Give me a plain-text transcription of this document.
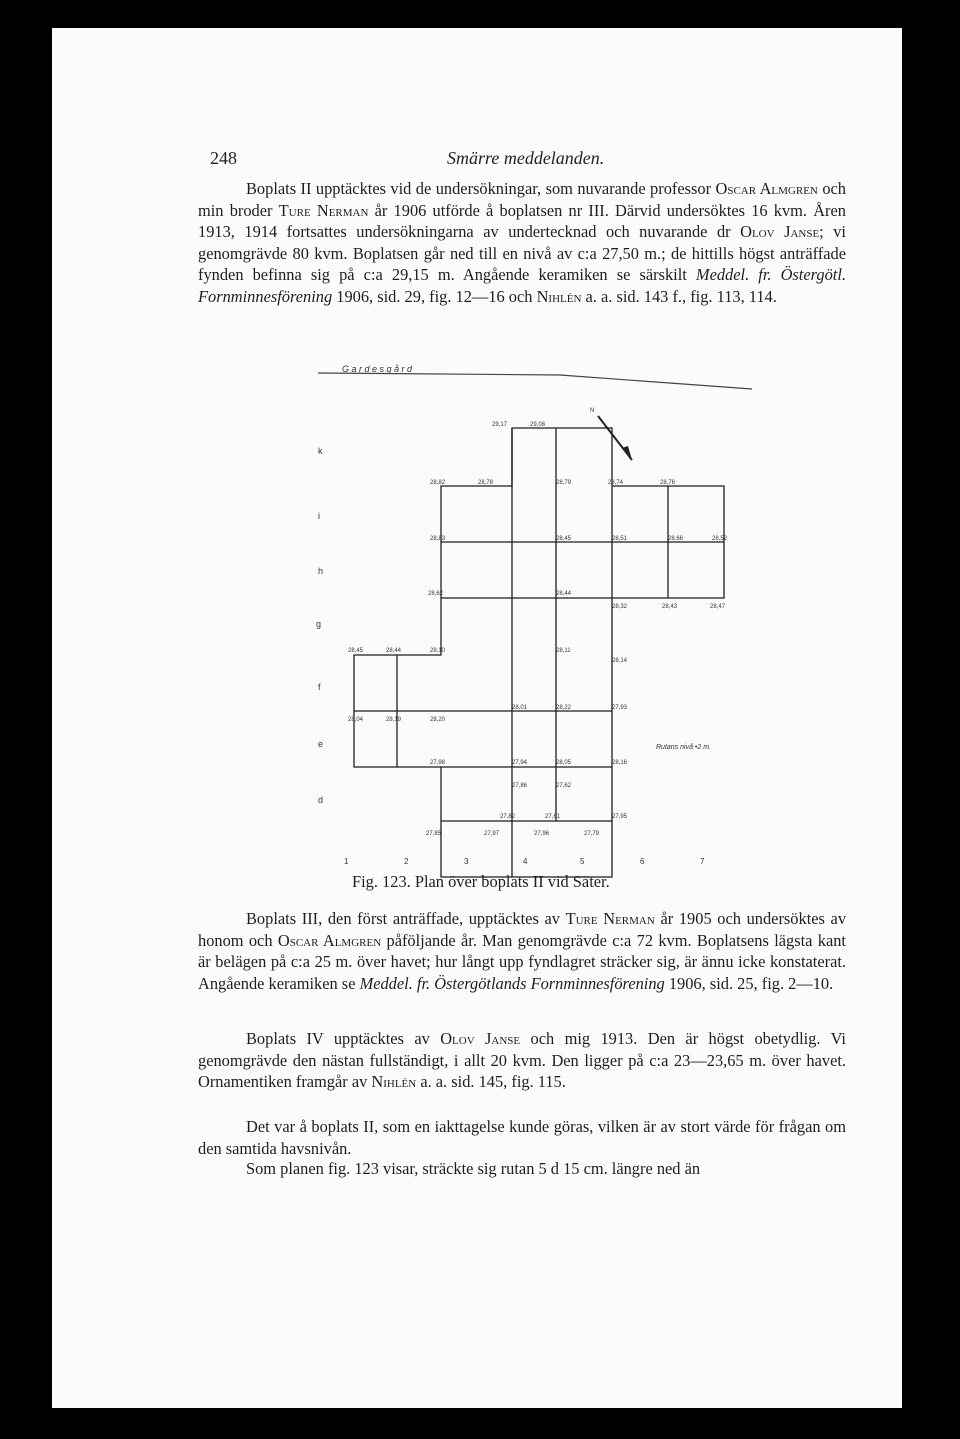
248	Smärre meddelanden.

Boplats II upptäcktes vid de undersökningar, som nuvarande professor Oscar Almgren och min broder Ture Nerman år 1906 utförde å boplatsen nr III. Därvid undersöktes 16 kvm. Åren 1913, 1914 fortsattes undersökningarna av undertecknad och nuvarande dr Olov Janse; vi genomgrävde 80 kvm. Boplatsen går ned till en nivå av c:a 27,50 m.; de hittills högst anträffade fynden befinna sig på c:a 29,15 m. Angående keramiken se särskilt Meddel. fr. Östergötl. Fornminnesförening 1906, sid. 29, fig. 12—16 och Nihlén a. a. sid. 143 f., fig. 113, 114.

G a r d e s g å r d
N
k
i
h
g
f
e
d
1	2	3	4	5	6	7
29,17	29,08
28,82	28,78	28,79	28,74	28,76
28,83	28,45	28,51	28,66	28,52
28,62	28,44
28,32	28,43	28,47
28,45	28,44	28,10	28,11
28,14
28,04	28,19	28,20
28,01	28,22	27,93
27,98	27,94	28,05	28,16
27,85	27,97	27,96	27,79
27,82	27,61	27,95
27,86	27,62
Rutans nivå •2 m.
Fig. 123. Plan över boplats II vid Säter.

Boplats III, den först anträffade, upptäcktes av Ture Nerman år 1905 och undersöktes av honom och Oscar Almgren påföljande år. Man genomgrävde c:a 72 kvm. Boplatsens lägsta kant är belägen på c:a 25 m. över havet; hur långt upp fyndlagret sträcker sig, är ännu icke konstaterat. Angående keramiken se Meddel. fr. Östergötlands Fornminnesförening 1906, sid. 25, fig. 2—10.

Boplats IV upptäcktes av Olov Janse och mig 1913. Den är högst obetydlig. Vi genomgrävde den nästan fullständigt, i allt 20 kvm. Den ligger på c:a 23—23,65 m. över havet. Ornamentiken framgår av Nihlén a. a. sid. 145, fig. 115.

Det var å boplats II, som en iakttagelse kunde göras, vilken är av stort värde för frågan om den samtida havsnivån.

Som planen fig. 123 visar, sträckte sig rutan 5 d 15 cm. längre ned än
